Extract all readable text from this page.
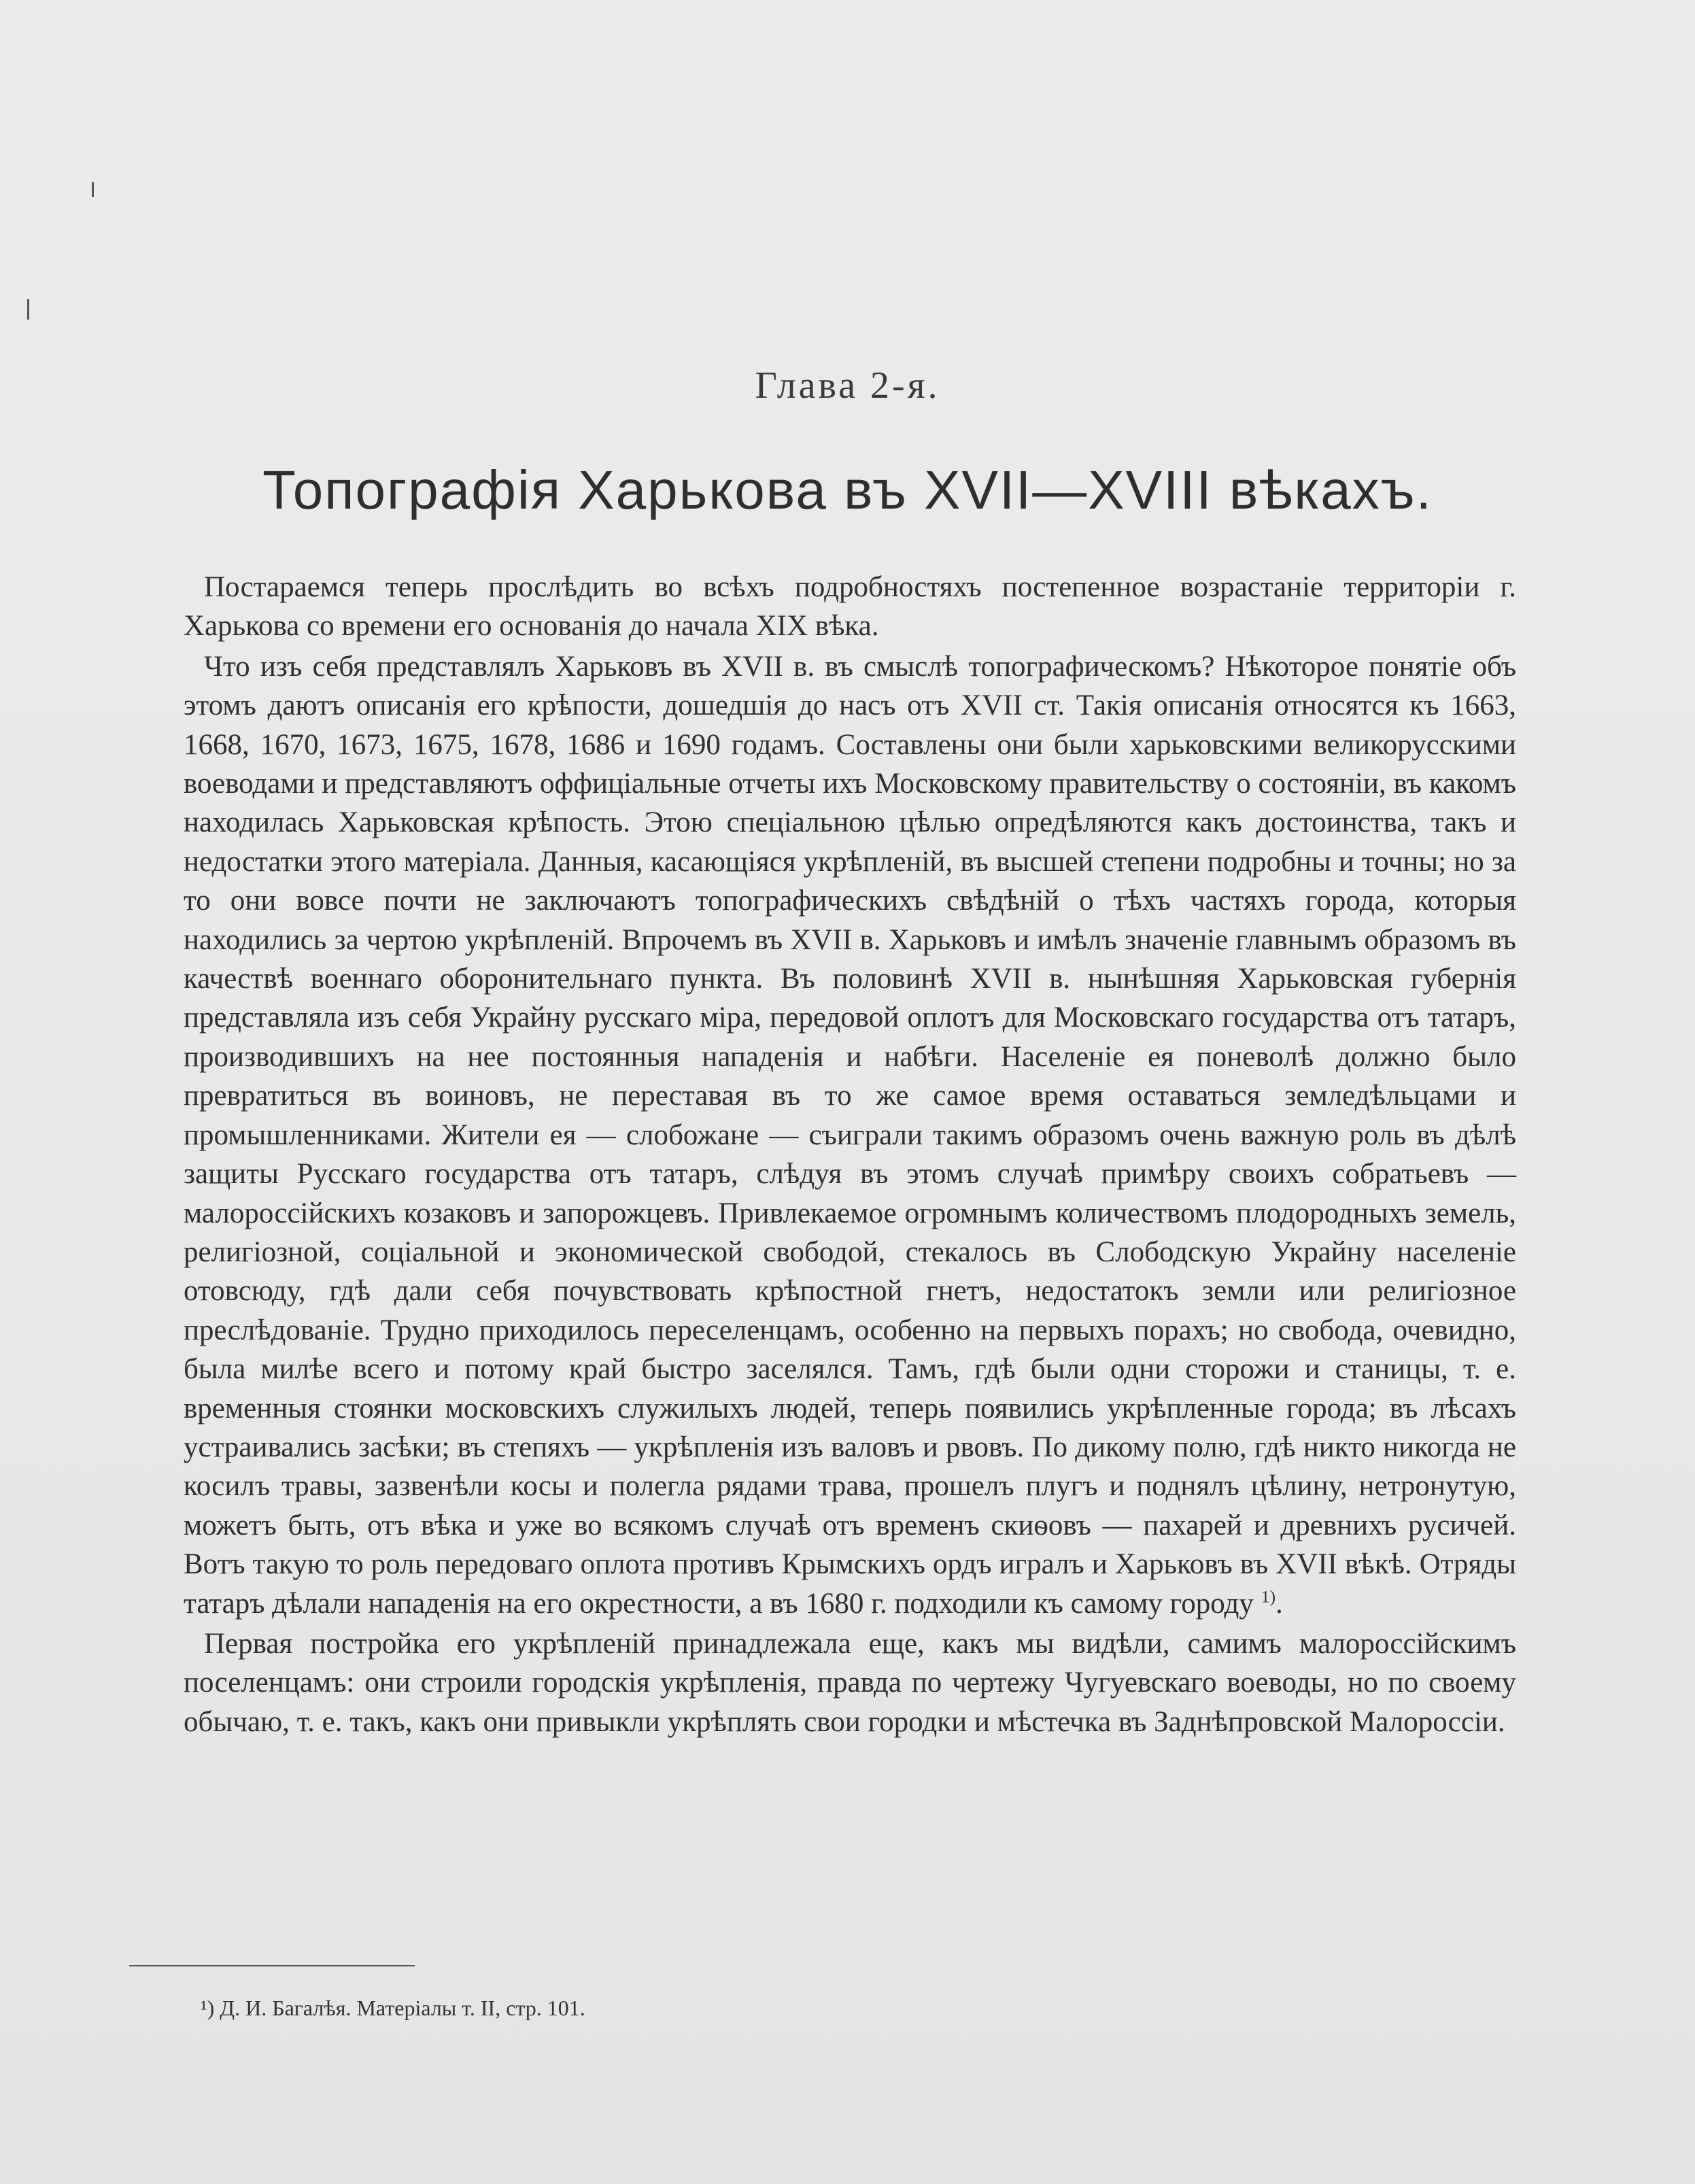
Глава 2-я.
Топографія Харькова въ XVII—XVIII вѣкахъ.

Постараемся теперь прослѣдить во всѣхъ подробностяхъ постепенное возрастаніе территоріи г. Харькова со времени его основанія до начала XIX вѣка.

Что изъ себя представлялъ Харьковъ въ XVII в. въ смыслѣ топографическомъ? Нѣкоторое понятіе объ этомъ даютъ описанія его крѣпости, дошедшія до насъ отъ XVII ст. Такія описанія относятся къ 1663, 1668, 1670, 1673, 1675, 1678, 1686 и 1690 годамъ. Составлены они были харьковскими великорусскими воеводами и представляютъ оффиціальные отчеты ихъ Московскому правительству о состояніи, въ какомъ находилась Харьковская крѣпость. Этою спеціальною цѣлью опредѣляются какъ достоинства, такъ и недостатки этого матеріала. Данныя, касающіяся укрѣпленій, въ высшей степени подробны и точны; но за то они вовсе почти не заключаютъ топографическихъ свѣдѣній о тѣхъ частяхъ города, которыя находились за чертою укрѣпленій. Впрочемъ въ XVII в. Харьковъ и имѣлъ значеніе главнымъ образомъ въ качествѣ военнаго оборонительнаго пункта. Въ половинѣ XVII в. нынѣшняя Харьковская губернія представляла изъ себя Украйну русскаго міра, передовой оплотъ для Московскаго государства отъ татаръ, производившихъ на нее постоянныя нападенія и набѣги. Населеніе ея поневолѣ должно было превратиться въ воиновъ, не переставая въ то же самое время оставаться земледѣльцами и промышленниками. Жители ея — слобожане — съиграли такимъ образомъ очень важную роль въ дѣлѣ защиты Русскаго государства отъ татаръ, слѣдуя въ этомъ случаѣ примѣру своихъ собратьевъ — малороссійскихъ козаковъ и запорожцевъ. Привлекаемое огромнымъ количествомъ плодородныхъ земель, религіозной, соціальной и экономической свободой, стекалось въ Слободскую Украйну населеніе отовсюду, гдѣ дали себя почувствовать крѣпостной гнетъ, недостатокъ земли или религіозное преслѣдованіе. Трудно приходилось переселенцамъ, особенно на первыхъ порахъ; но свобода, очевидно, была милѣе всего и потому край быстро заселялся. Тамъ, гдѣ были одни сторожи и станицы, т. е. временныя стоянки московскихъ служилыхъ людей, теперь появились укрѣпленные города; въ лѣсахъ устраивались засѣки; въ степяхъ — укрѣпленія изъ валовъ и рвовъ. По дикому полю, гдѣ никто никогда не косилъ травы, зазвенѣли косы и полегла рядами трава, прошелъ плугъ и поднялъ цѣлину, нетронутую, можетъ быть, отъ вѣка и уже во всякомъ случаѣ отъ временъ скиѳовъ — пахарей и древнихъ русичей. Вотъ такую то роль передоваго оплота противъ Крымскихъ ордъ игралъ и Харьковъ въ XVII вѣкѣ. Отряды татаръ дѣлали нападенія на его окрестности, а въ 1680 г. подходили къ самому городу $^{1)}$.

Первая постройка его укрѣпленій принадлежала еще, какъ мы видѣли, самимъ малороссійскимъ поселенцамъ: они строили городскія укрѣпленія, правда по чертежу Чугуевскаго воеводы, но по своему обычаю, т. е. такъ, какъ они привыкли укрѣплять свои городки и мѣстечка въ Заднѣпровской Малороссіи.

¹) Д. И. Багалѣя. Матеріалы т. II, стр. 101.
